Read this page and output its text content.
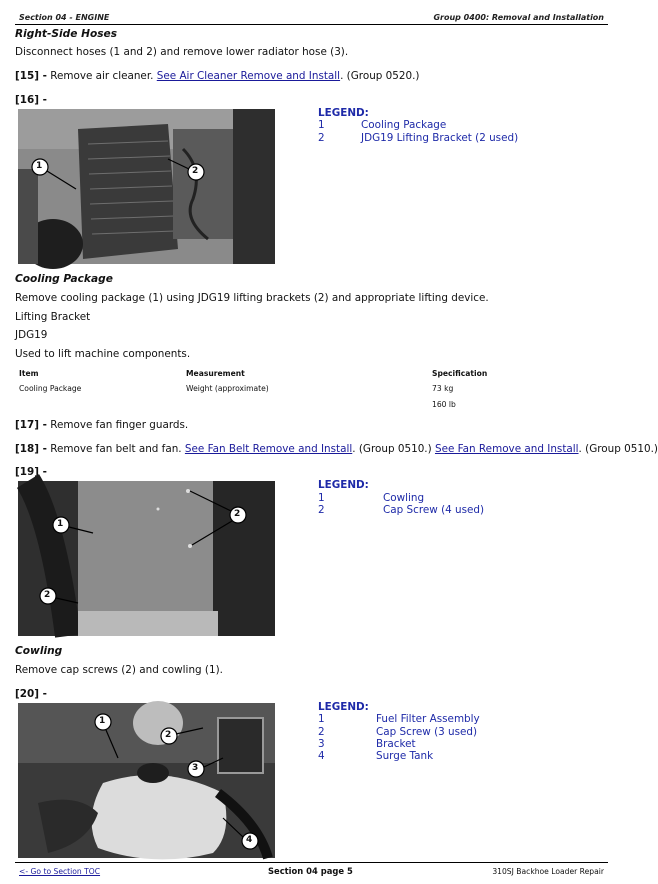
Section 04 - ENGINE	Group 0400: Removal and Installation
Right-Side Hoses
Disconnect hoses (1 and 2) and remove lower radiator hose (3).
[15] - Remove air cleaner. See Air Cleaner Remove and Install. (Group 0520.)
[16] -
1	2
LEGEND:
1	Cooling Package
2	JDG19 Lifting Bracket (2 used)
Cooling Package
Remove cooling package (1) using JDG19 lifting brackets (2) and appropriate lifting device.
Lifting Bracket
JDG19
Used to lift machine components.
Item	Measurement	Specification
Cooling Package	Weight (approximate)	73 kg
160 lb
[17] - Remove fan finger guards.
[18] - Remove fan belt and fan. See Fan Belt Remove and Install. (Group 0510.) See Fan Remove and Install. (Group 0510.)
[19] -
1
2
2
LEGEND:
1	Cowling
2	Cap Screw (4 used)
Cowling
Remove cap screws (2) and cowling (1).
[20] -
1
2
3
4
LEGEND:
1	Fuel Filter Assembly
2	Cap Screw (3 used)
3	Bracket
4	Surge Tank
<- Go to Section TOC	Section 04 page 5	310SJ Backhoe Loader Repair
